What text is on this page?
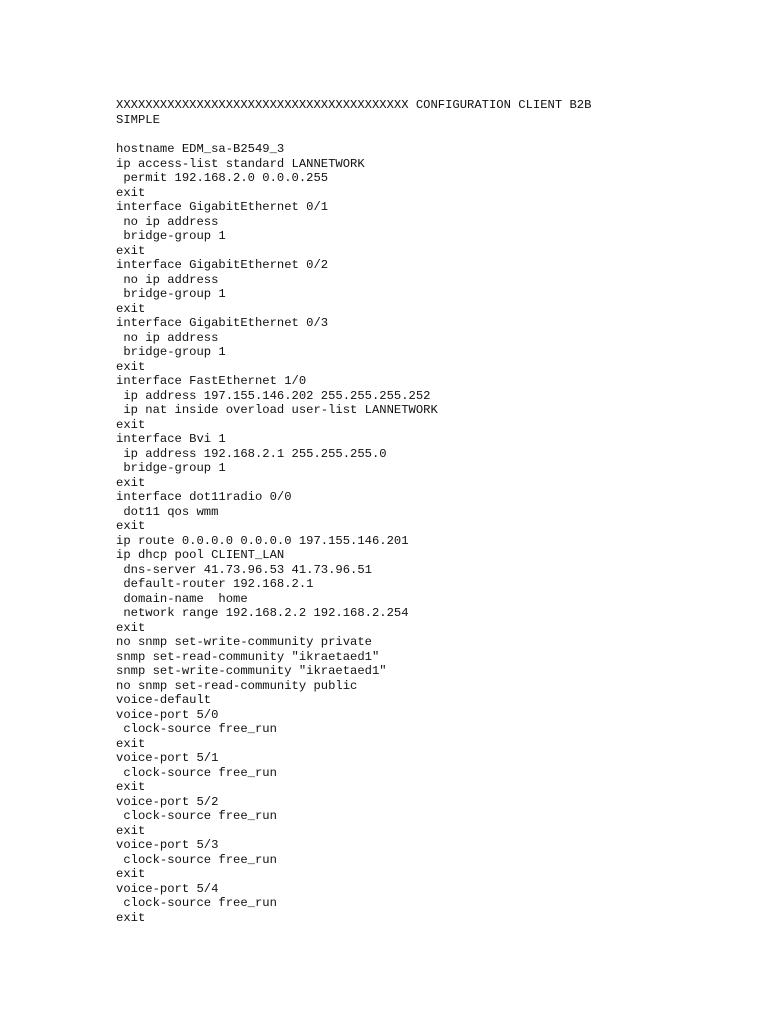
XXXXXXXXXXXXXXXXXXXXXXXXXXXXXXXXXXXXXXXX CONFIGURATION CLIENT B2B
SIMPLE
hostname EDM_sa-B2549_3
ip access-list standard LANNETWORK
permit 192.168.2.0 0.0.0.255
exit
interface GigabitEthernet 0/1
no ip address
bridge-group 1
exit
interface GigabitEthernet 0/2
no ip address
bridge-group 1
exit
interface GigabitEthernet 0/3
no ip address
bridge-group 1
exit
interface FastEthernet 1/0
ip address 197.155.146.202 255.255.255.252
ip nat inside overload user-list LANNETWORK
exit
interface Bvi 1
ip address 192.168.2.1 255.255.255.0
bridge-group 1
exit
interface dot11radio 0/0
dot11 qos wmm
exit
ip route 0.0.0.0 0.0.0.0 197.155.146.201
ip dhcp pool CLIENT_LAN
dns-server 41.73.96.53 41.73.96.51
default-router 192.168.2.1
domain-name  home
network range 192.168.2.2 192.168.2.254
exit
no snmp set-write-community private
snmp set-read-community "ikraetaed1"
snmp set-write-community "ikraetaed1"
no snmp set-read-community public
voice-default
voice-port 5/0
clock-source free_run
exit
voice-port 5/1
clock-source free_run
exit
voice-port 5/2
clock-source free_run
exit
voice-port 5/3
clock-source free_run
exit
voice-port 5/4
clock-source free_run
exit
